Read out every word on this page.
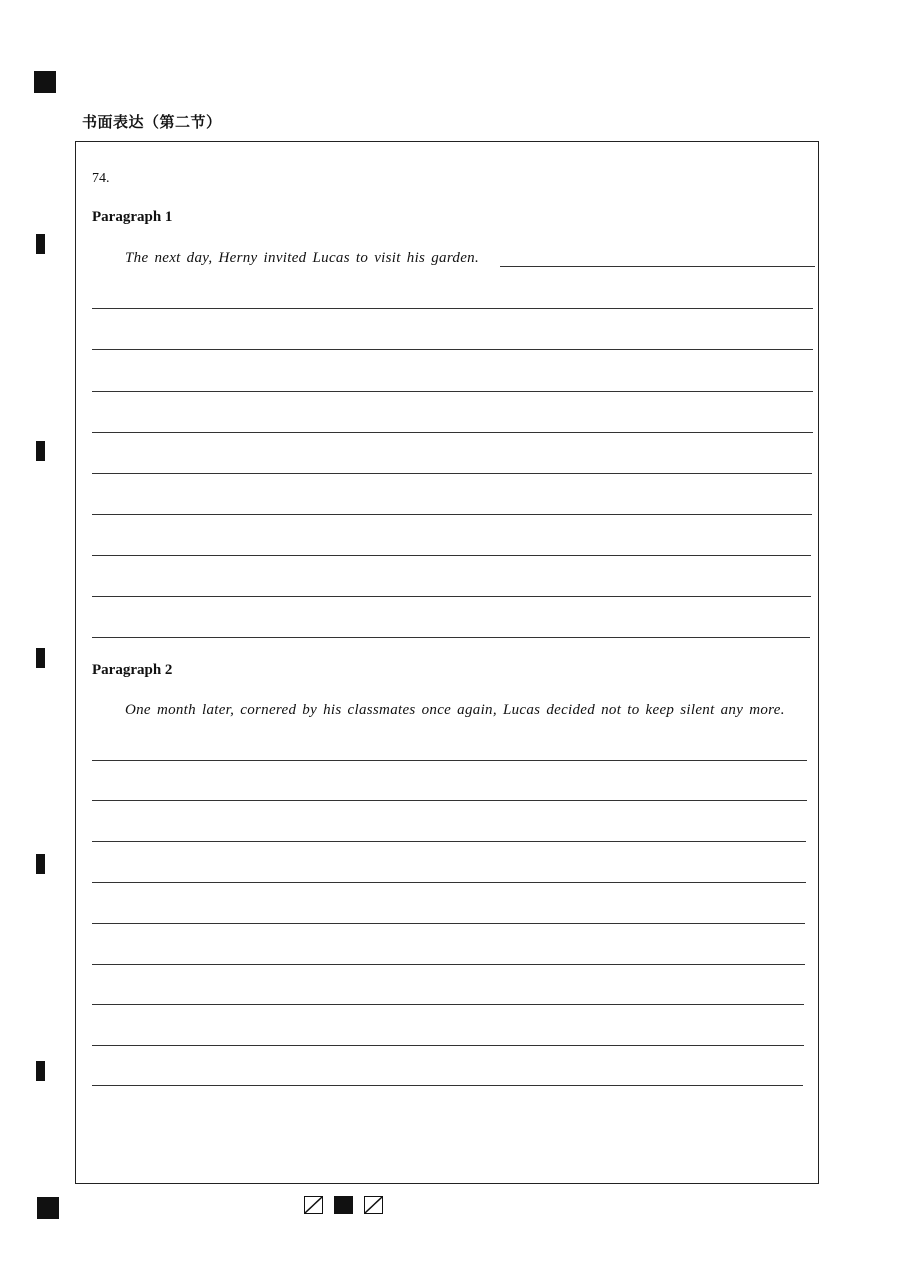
书面表达（第二节）

74.

Paragraph 1

The next day, Herny invited Lucas to visit his garden.

Paragraph 2

One month later, cornered by his classmates once again, Lucas decided not to keep silent any more.
